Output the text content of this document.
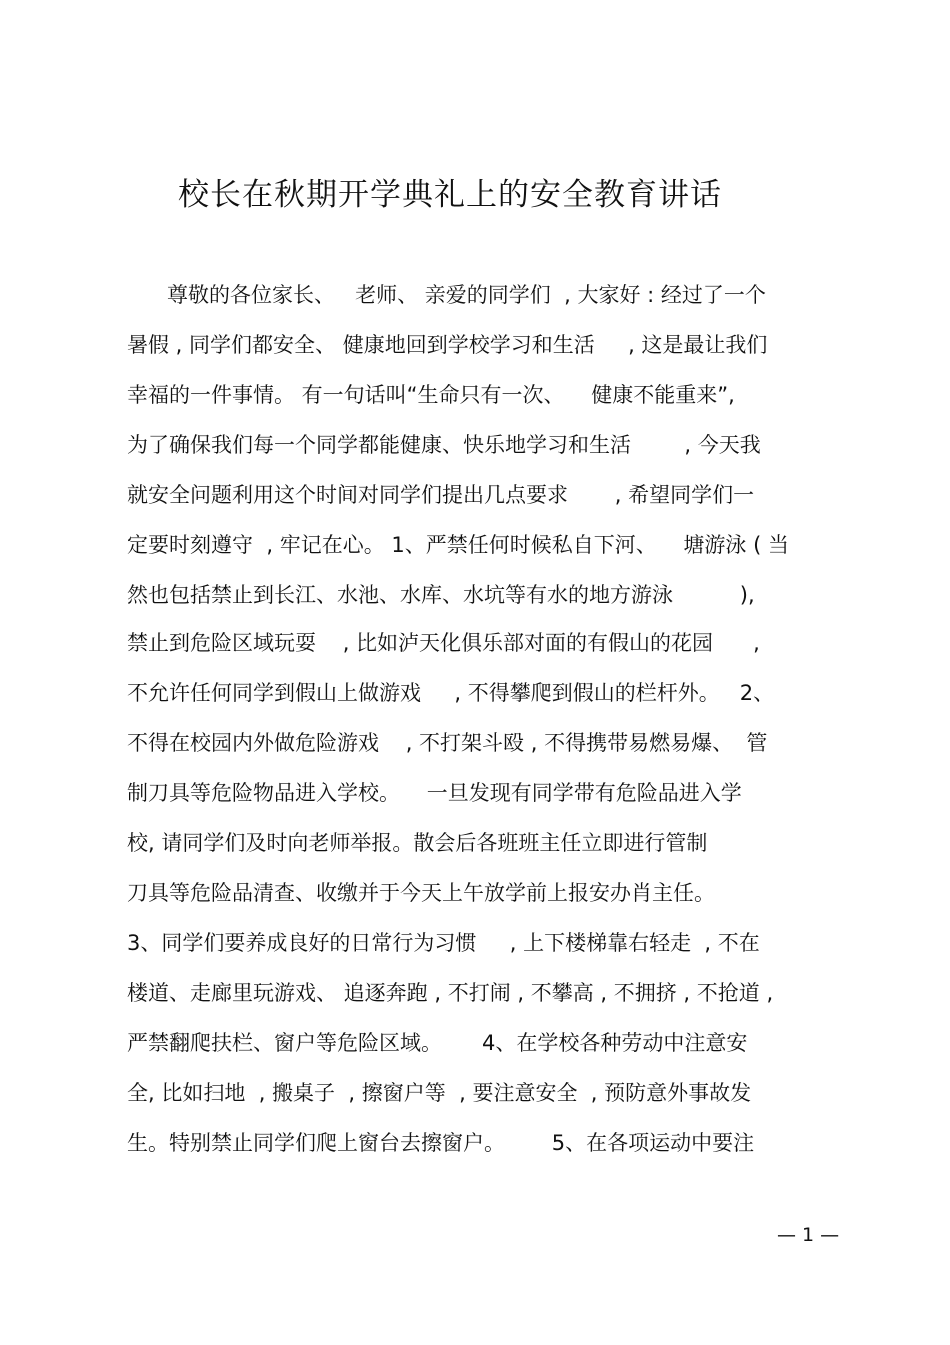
校长在秋期开学典礼上的安全教育讲话
尊敬的各位家长、   老师、 亲爱的同学们  , 大家好 : 经过了一个
暑假 , 同学们都安全、 健康地回到学校学习和生活     , 这是最让我们
幸福的一件事情。 有一句话叫“生命只有一次、    健康不能重来”,
为了确保我们每一个同学都能健康、快乐地学习和生活        , 今天我
就安全问题利用这个时间对同学们提出几点要求       , 希望同学们一
定要时刻遵守  , 牢记在心。 1、严禁任何时候私自下河、    塘游泳 ( 当
然也包括禁止到长江、水池、水库、水坑等有水的地方游泳          ),
禁止到危险区域玩耍    , 比如泸天化俱乐部对面的有假山的花园      ,
不允许任何同学到假山上做游戏     , 不得攀爬到假山的栏杆外。   2、
不得在校园内外做危险游戏    , 不打架斗殴 , 不得携带易燃易爆、  管
制刀具等危险物品进入学校。    一旦发现有同学带有危险品进入学
校, 请同学们及时向老师举报。散会后各班班主任立即进行管制
刀具等危险品清查、收缴并于今天上午放学前上报安办肖主任。
3、同学们要养成良好的日常行为习惯     , 上下楼梯靠右轻走  , 不在
楼道、走廊里玩游戏、 追逐奔跑 , 不打闹 , 不攀高 , 不拥挤 , 不抢道 ,
严禁翻爬扶栏、窗户等危险区域。      4、在学校各种劳动中注意安
全, 比如扫地  , 搬桌子  , 擦窗户等  , 要注意安全  , 预防意外事故发
生。特别禁止同学们爬上窗台去擦窗户。       5、在各项运动中要注
— 1 —
